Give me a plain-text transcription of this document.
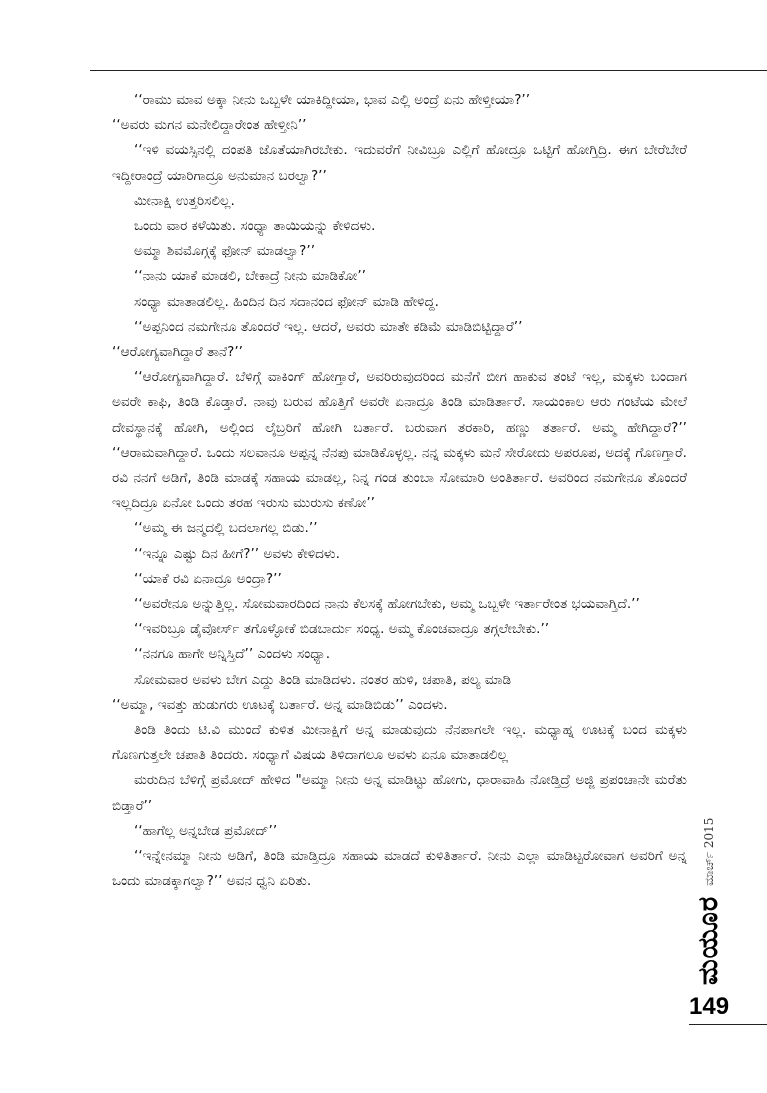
‘‘ರಾಮು ಮಾವ ಅಕ್ಕಾ ನೀನು ಒಬ್ಬಳೇ ಯಾಕಿದ್ದೀಯಾ, ಭಾವ ಎಲ್ಲಿ ಅಂದ್ರೆ ಏನು ಹೇಳ್ತೀಯಾ?’’

‘‘ಅವರು ಮಗನ ಮನೇಲಿದ್ದಾರೇಂತ ಹೇಳ್ತೀನಿ’’

‘‘ಇಳಿ ವಯಸ್ಸಿನಲ್ಲಿ ದಂಪತಿ ಜೊತೆಯಾಗಿರಬೇಕು. ಇದುವರೆಗೆ ನೀವಿಬ್ರೂ ಎಲ್ಲಿಗೆ ಹೋದ್ರೂ ಒಟ್ಟಿಗೆ ಹೋಗ್ತಿದ್ರಿ. ಈಗ ಬೇರೆಬೇರೆ ಇದ್ದೀರಾಂದ್ರೆ ಯಾರಿಗಾದ್ರೂ ಅನುಮಾನ ಬರಲ್ವಾ?’’

ಮೀನಾಕ್ಷಿ ಉತ್ತರಿಸಲಿಲ್ಲ.

ಒಂದು ವಾರ ಕಳೆಯಿತು. ಸಂಧ್ಯಾ ತಾಯಿಯನ್ನು ಕೇಳಿದಳು.

ಅಮ್ಮಾ ಶಿವಮೊಗ್ಗಕ್ಕೆ ಫೋನ್ ಮಾಡಲ್ವಾ?’’

‘‘ನಾನು ಯಾಕೆ ಮಾಡಲಿ, ಬೇಕಾದ್ರೆ ನೀನು ಮಾಡಿಕೋ’’

ಸಂಧ್ಯಾ ಮಾತಾಡಲಿಲ್ಲ. ಹಿಂದಿನ ದಿನ ಸದಾನಂದ ಫೋನ್ ಮಾಡಿ ಹೇಳಿದ್ದ.

‘‘ಅಪ್ಪನಿಂದ ನಮಗೇನೂ ತೊಂದರೆ ಇಲ್ಲ. ಆದರೆ, ಅವರು ಮಾತೇ ಕಡಿಮೆ ಮಾಡಿಬಿಟ್ಟಿದ್ದಾರೆ’’

‘‘ಆರೋಗ್ಯವಾಗಿದ್ದಾರೆ ತಾನೆ?’’

‘‘ಆರೋಗ್ಯವಾಗಿದ್ದಾರೆ. ಬೆಳಿಗ್ಗೆ ವಾಕಿಂಗ್ ಹೋಗ್ತಾರೆ, ಅವರಿರುವುದರಿಂದ ಮನೆಗೆ ಬೀಗ ಹಾಕುವ ತಂಟೆ ಇಲ್ಲ, ಮಕ್ಕಳು ಬಂದಾಗ ಅವರೇ ಕಾಫಿ, ತಿಂಡಿ ಕೊಡ್ತಾರೆ. ನಾವು ಬರುವ ಹೊತ್ತಿಗೆ ಅವರೇ ಏನಾದ್ರೂ ತಿಂಡಿ ಮಾಡಿರ್ತಾರೆ. ಸಾಯಂಕಾಲ ಆರು ಗಂಟೆಯ ಮೇಲೆ ದೇವಸ್ಥಾನಕ್ಕೆ ಹೋಗಿ, ಅಲ್ಲಿಂದ ಲೈಬ್ರರಿಗೆ ಹೋಗಿ ಬರ್ತಾರೆ. ಬರುವಾಗ ತರಕಾರಿ, ಹಣ್ಣು ತರ್ತಾರೆ. ಅಮ್ಮ ಹೇಗಿದ್ದಾರೆ?’’ ‘‘ಆರಾಮವಾಗಿದ್ದಾರೆ. ಒಂದು ಸಲವಾನೂ ಅಪ್ಪನ್ನ ನೆನಪು ಮಾಡಿಕೊಳ್ಳಲ್ಲ. ನನ್ನ ಮಕ್ಕಳು ಮನೆ ಸೇರೋದು ಅಪರೂಪ, ಅದಕ್ಕೆ ಗೊಣಗ್ತಾರೆ. ರವಿ ನನಗೆ ಅಡಿಗೆ, ತಿಂಡಿ ಮಾಡಕ್ಕೆ ಸಹಾಯ ಮಾಡಲ್ಲ, ನಿನ್ನ ಗಂಡ ತುಂಬಾ ಸೋಮಾರಿ ಅಂತಿರ್ತಾರೆ. ಅವರಿಂದ ನಮಗೇನೂ ತೊಂದರೆ ಇಲ್ಲದಿದ್ರೂ ಏನೋ ಒಂದು ತರಹ ಇರುಸು ಮುರುಸು ಕಣೋ’’

‘‘ಅಮ್ಮ ಈ ಜನ್ಮದಲ್ಲಿ ಬದಲಾಗಲ್ಲ ಬಿಡು.’’

‘‘ಇನ್ನೂ ಎಷ್ಟು ದಿನ ಹೀಗೆ?’’ ಅವಳು ಕೇಳಿದಳು.

‘‘ಯಾಕೆ ರವಿ ಏನಾದ್ರೂ ಅಂದ್ರಾ?’’

‘‘ಅವರೇನೂ ಅನ್ನುತ್ತಿಲ್ಲ. ಸೋಮವಾರದಿಂದ ನಾನು ಕೆಲಸಕ್ಕೆ ಹೋಗಬೇಕು, ಅಮ್ಮ ಒಬ್ಬಳೇ ಇರ್ತಾರೇಂತ ಭಯವಾಗ್ತಿದೆ.’’

‘‘ಇವರಿಬ್ರೂ ಡೈವೋರ್ಸ್ ತಗೊಳ್ಳೋಕೆ ಬಿಡಬಾರ್ದು ಸಂಧ್ಯ. ಅಮ್ಮ ಕೊಂಚವಾದ್ರೂ ತಗ್ಗಲೇಬೇಕು.’’

‘‘ನನಗೂ ಹಾಗೇ ಅನ್ನಿಸ್ತಿದೆ’’ ಎಂದಳು ಸಂಧ್ಯಾ.

ಸೋಮವಾರ ಅವಳು ಬೇಗ ಎದ್ದು ತಿಂಡಿ ಮಾಡಿದಳು. ನಂತರ ಹುಳಿ, ಚಪಾತಿ, ಪಲ್ಯ ಮಾಡಿ

‘‘ಅಮ್ಮಾ, ಇವತ್ತು ಹುಡುಗರು ಊಟಕ್ಕೆ ಬರ್ತಾರೆ. ಅನ್ನ ಮಾಡಿಬಿಡು’’ ಎಂದಳು.

ತಿಂಡಿ ತಿಂದು ಟಿ.ವಿ ಮುಂದೆ ಕುಳಿತ ಮೀನಾಕ್ಷಿಗೆ ಅನ್ನ ಮಾಡುವುದು ನೆನಪಾಗಲೇ ಇಲ್ಲ. ಮಧ್ಯಾಹ್ನ ಊಟಕ್ಕೆ ಬಂದ ಮಕ್ಕಳು ಗೊಣಗುತ್ತಲೇ ಚಪಾತಿ ತಿಂದರು. ಸಂಧ್ಯಾಗೆ ವಿಷಯ ತಿಳಿದಾಗಲೂ ಅವಳು ಏನೂ ಮಾತಾಡಲಿಲ್ಲ

ಮರುದಿನ ಬೆಳಿಗ್ಗೆ ಪ್ರಮೋದ್ ಹೇಳಿದ "ಅಮ್ಮಾ ನೀನು ಅನ್ನ ಮಾಡಿಟ್ಟು ಹೋಗು, ಧಾರಾವಾಹಿ ನೋಡ್ತಿದ್ರೆ ಅಜ್ಜಿ ಪ್ರಪಂಚಾನೇ ಮರೆತು ಬಿಡ್ತಾರೆ’’

‘‘ಹಾಗೆಲ್ಲ ಅನ್ನಬೇಡ ಪ್ರಮೋದ್’’

‘‘ಇನ್ನೇನಮ್ಮಾ ನೀನು ಅಡಿಗೆ, ತಿಂಡಿ ಮಾಡ್ತಿದ್ರೂ ಸಹಾಯ ಮಾಡದೆ ಕುಳಿತಿರ್ತಾರೆ. ನೀನು ಎಲ್ಲಾ ಮಾಡಿಟ್ಟರೋವಾಗ ಅವರಿಗೆ ಅನ್ನ ಒಂದು ಮಾಡಕ್ಕಾಗಲ್ವಾ?’’ ಅವನ ಧ್ವನಿ ಏರಿತು.

ಮಯೂರ
ಮಾರ್ಚ್ 2015
149
